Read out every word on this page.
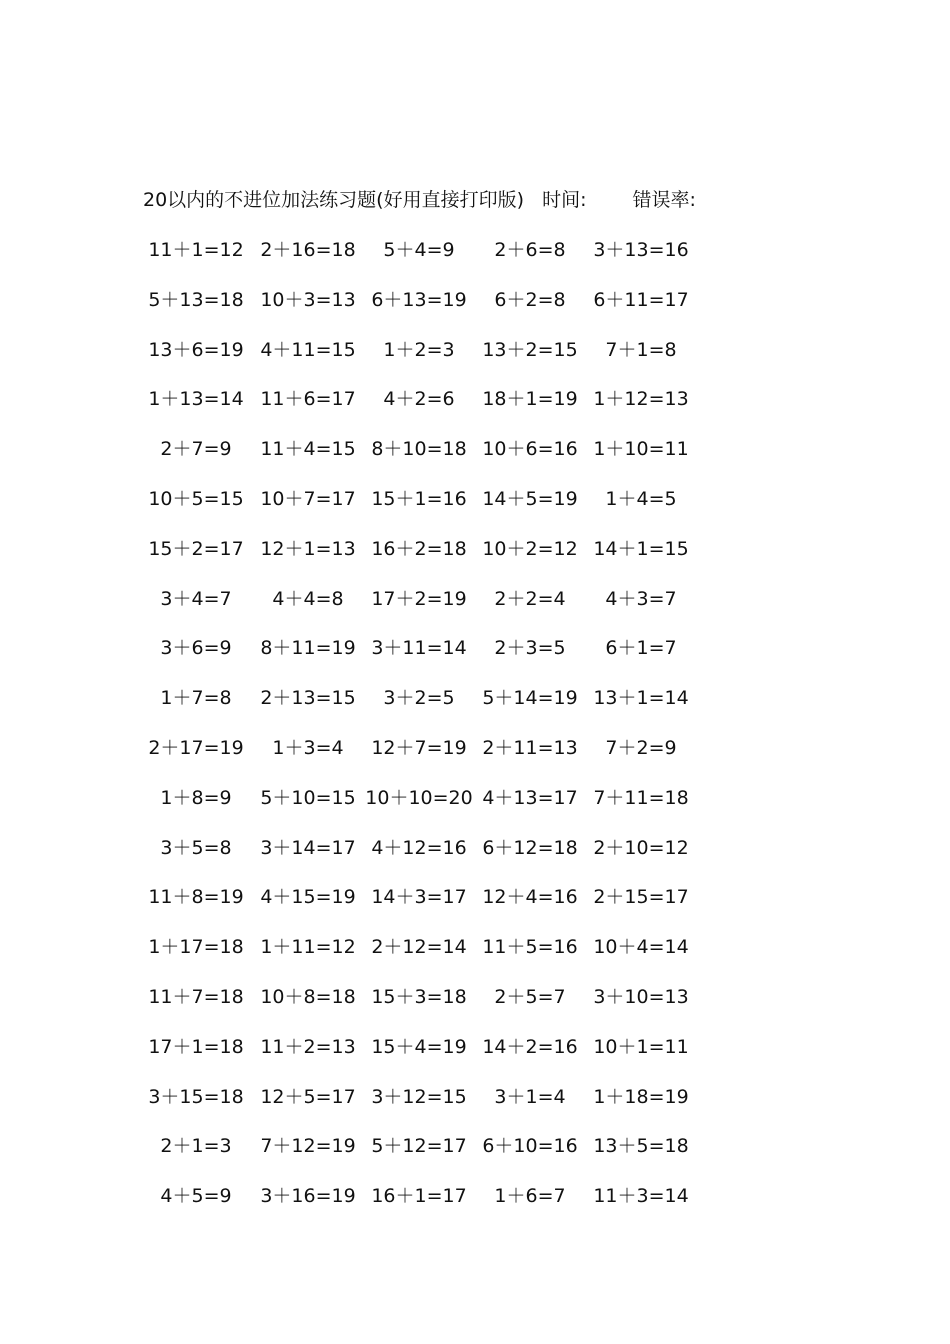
20以内的不进位加法练习题(好用直接打印版) 时间: 错误率:
11＋1=12 2＋16=18	5＋4=9	2＋6=8	3＋13=16
5＋13=18 10＋3=13 6＋13=19	6＋2=8	6＋11=17
13＋6=19 4＋11=15	1＋2=3	13＋2=15	7＋1=8
1＋13=14 11＋6=17	4＋2=6	18＋1=19 1＋12=13
2＋7=9	11＋4=15 8＋10=18 10＋6=16 1＋10=11
10＋5=15 10＋7=17 15＋1=16 14＋5=19	1＋4=5
15＋2=17 12＋1=13 16＋2=18 10＋2=12 14＋1=15
3＋4=7	4＋4=8	17＋2=19	2＋2=4	4＋3=7
3＋6=9	8＋11=19 3＋11=14	2＋3=5	6＋1=7
1＋7=8	2＋13=15	3＋2=5	5＋14=19 13＋1=14
2＋17=19	1＋3=4	12＋7=19 2＋11=13	7＋2=9
1＋8=9	5＋10=15 10＋10=20 4＋13=17 7＋11=18
3＋5=8	3＋14=17 4＋12=16 6＋12=18 2＋10=12
11＋8=19 4＋15=19 14＋3=17 12＋4=16 2＋15=17
1＋17=18 1＋11=12 2＋12=14 11＋5=16 10＋4=14
11＋7=18 10＋8=18 15＋3=18	2＋5=7	3＋10=13
17＋1=18 11＋2=13 15＋4=19 14＋2=16 10＋1=11
3＋15=18 12＋5=17 3＋12=15	3＋1=4	1＋18=19
2＋1=3	7＋12=19 5＋12=17 6＋10=16 13＋5=18
4＋5=9	3＋16=19 16＋1=17	1＋6=7	11＋3=14
